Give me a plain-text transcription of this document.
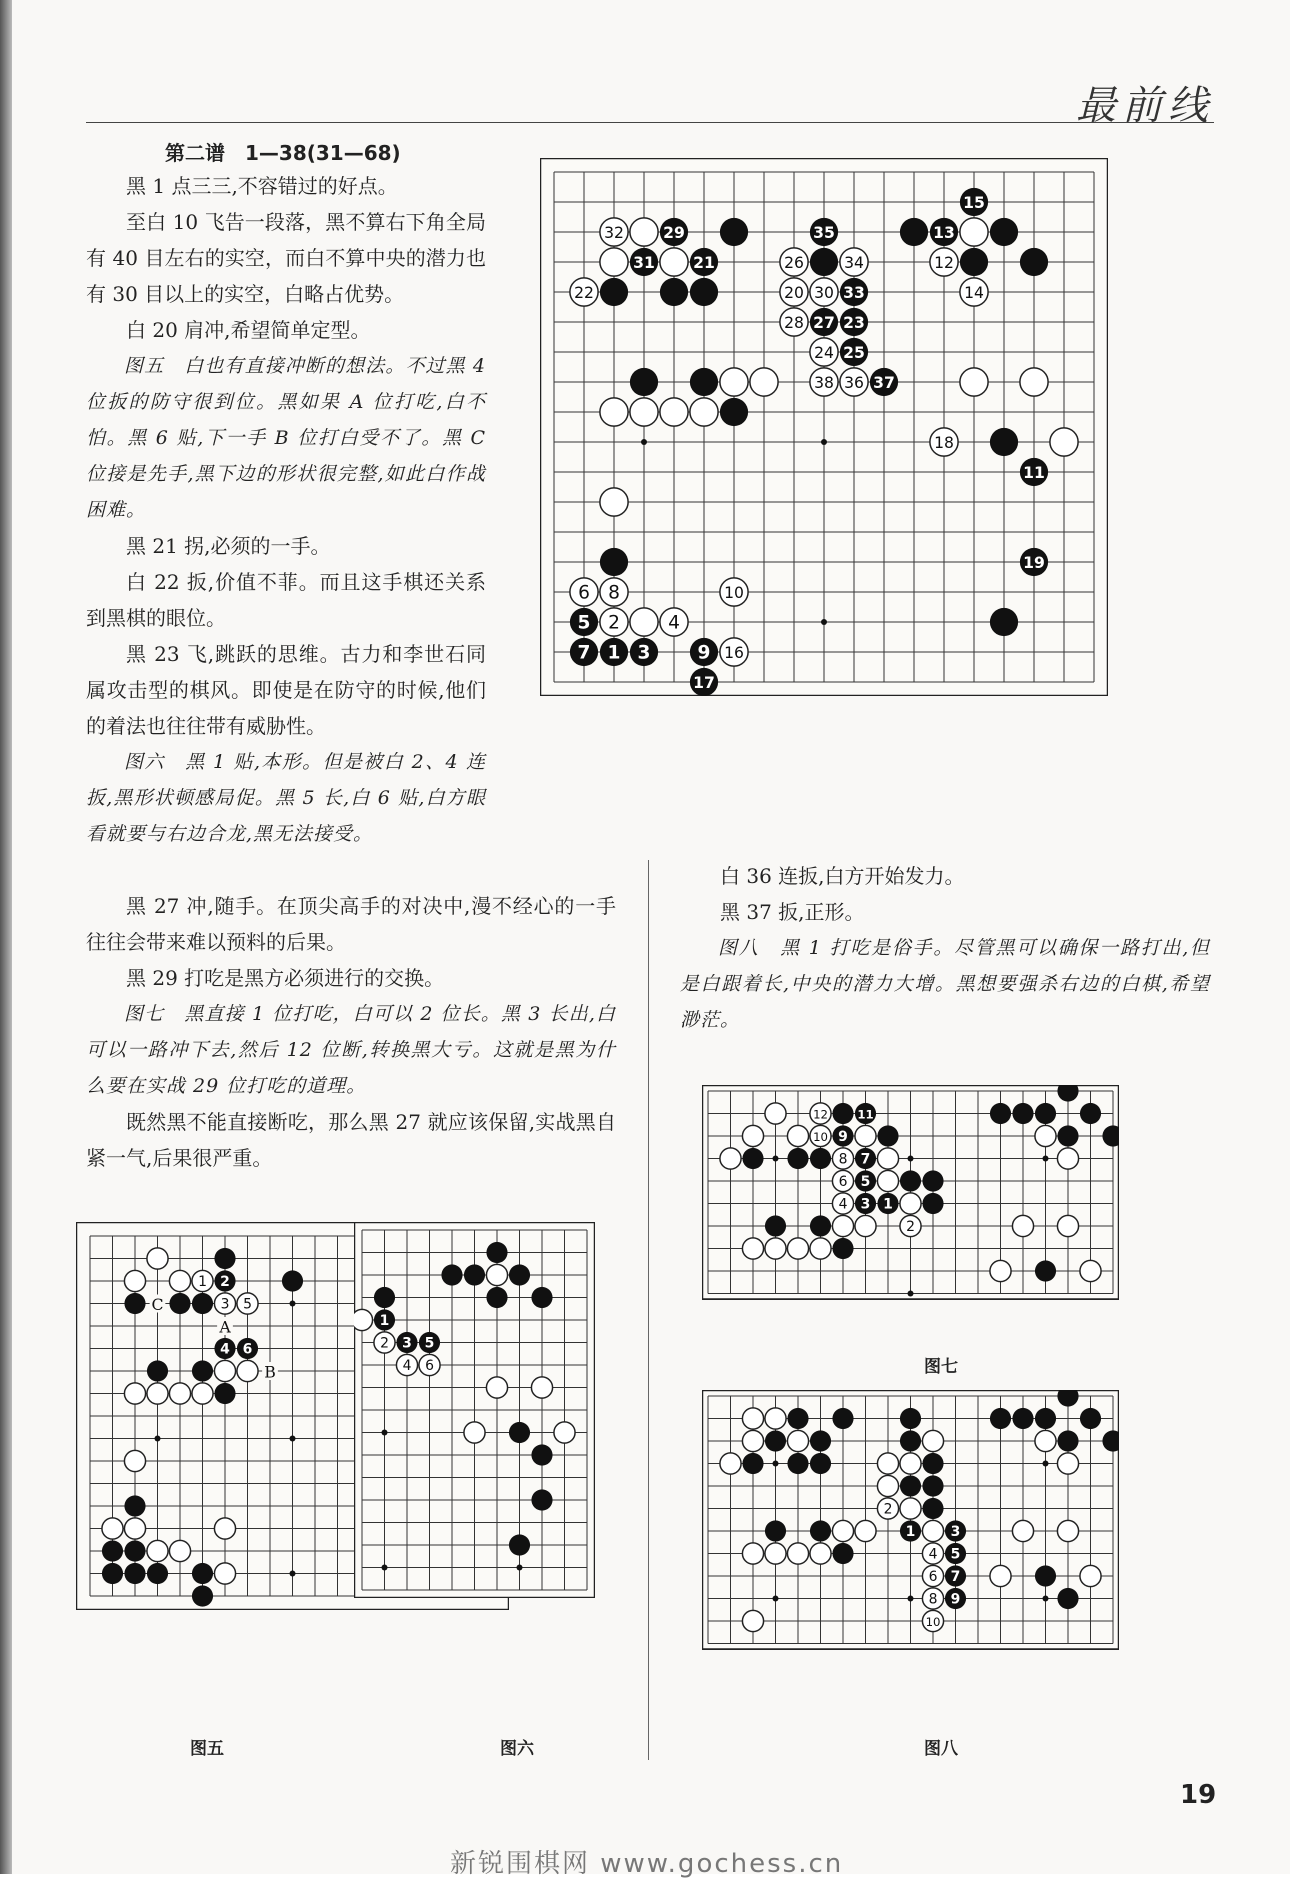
最前线
第二谱　1—38(31—68)

黑 1 点三三,不容错过的好点。

至白 10 飞告一段落，黑不算右下角全局有 40 目左右的实空，而白不算中央的潜力也有 30 目以上的实空，白略占优势。

白 20 肩冲,希望简单定型。

图五　白也有直接冲断的想法。不过黑 4 位扳的防守很到位。黑如果 A 位打吃,白不怕。黑 6 贴,下一手 B 位打白受不了。黑 C 位接是先手,黑下边的形状很完整,如此白作战困难。

黑 21 拐,必须的一手。

白 22 扳,价值不菲。而且这手棋还关系到黑棋的眼位。

黑 23 飞,跳跃的思维。古力和李世石同属攻击型的棋风。即使是在防守的时候,他们的着法也往往带有威胁性。

图六　黑 1 贴,本形。但是被白 2、4 连扳,黑形状顿感局促。黑 5 长,白 6 贴,白方眼看就要与右边合龙,黑无法接受。

黑 27 冲,随手。在顶尖高手的对决中,漫不经心的一手往往会带来难以预料的后果。

黑 29 打吃是黑方必须进行的交换。

图七　黑直接 1 位打吃，白可以 2 位长。黑 3 长出,白可以一路冲下去,然后 12 位断,转换黑大亏。这就是黑为什么要在实战 29 位打吃的道理。

既然黑不能直接断吃，那么黑 27 就应该保留,实战黑自紧一气,后果很严重。

白 36 连扳,白方开始发力。

黑 37 扳,正形。

图八　黑 1 打吃是俗手。尽管黑可以确保一路打出,但是白跟着长,中央的潜力大增。黑想要强杀右边的白棋,希望渺茫。

32	29	35	13
15
31 21	26	34	12
22	20 30 33	14
28 27 23
24 25
38 36 37
18
11
19
6 8	10
5 2	4
7 1 3	9 16
17
1 2
3 5
4 6
C
A
B
1
2 3 5
4 6
12	11
10 9
8 7
6 5
4 3 1
2
2
1	3
4 5
6 7
8 9
10
图五	图六
图七
图八
19
新锐围棋网 www.gochess.cn
